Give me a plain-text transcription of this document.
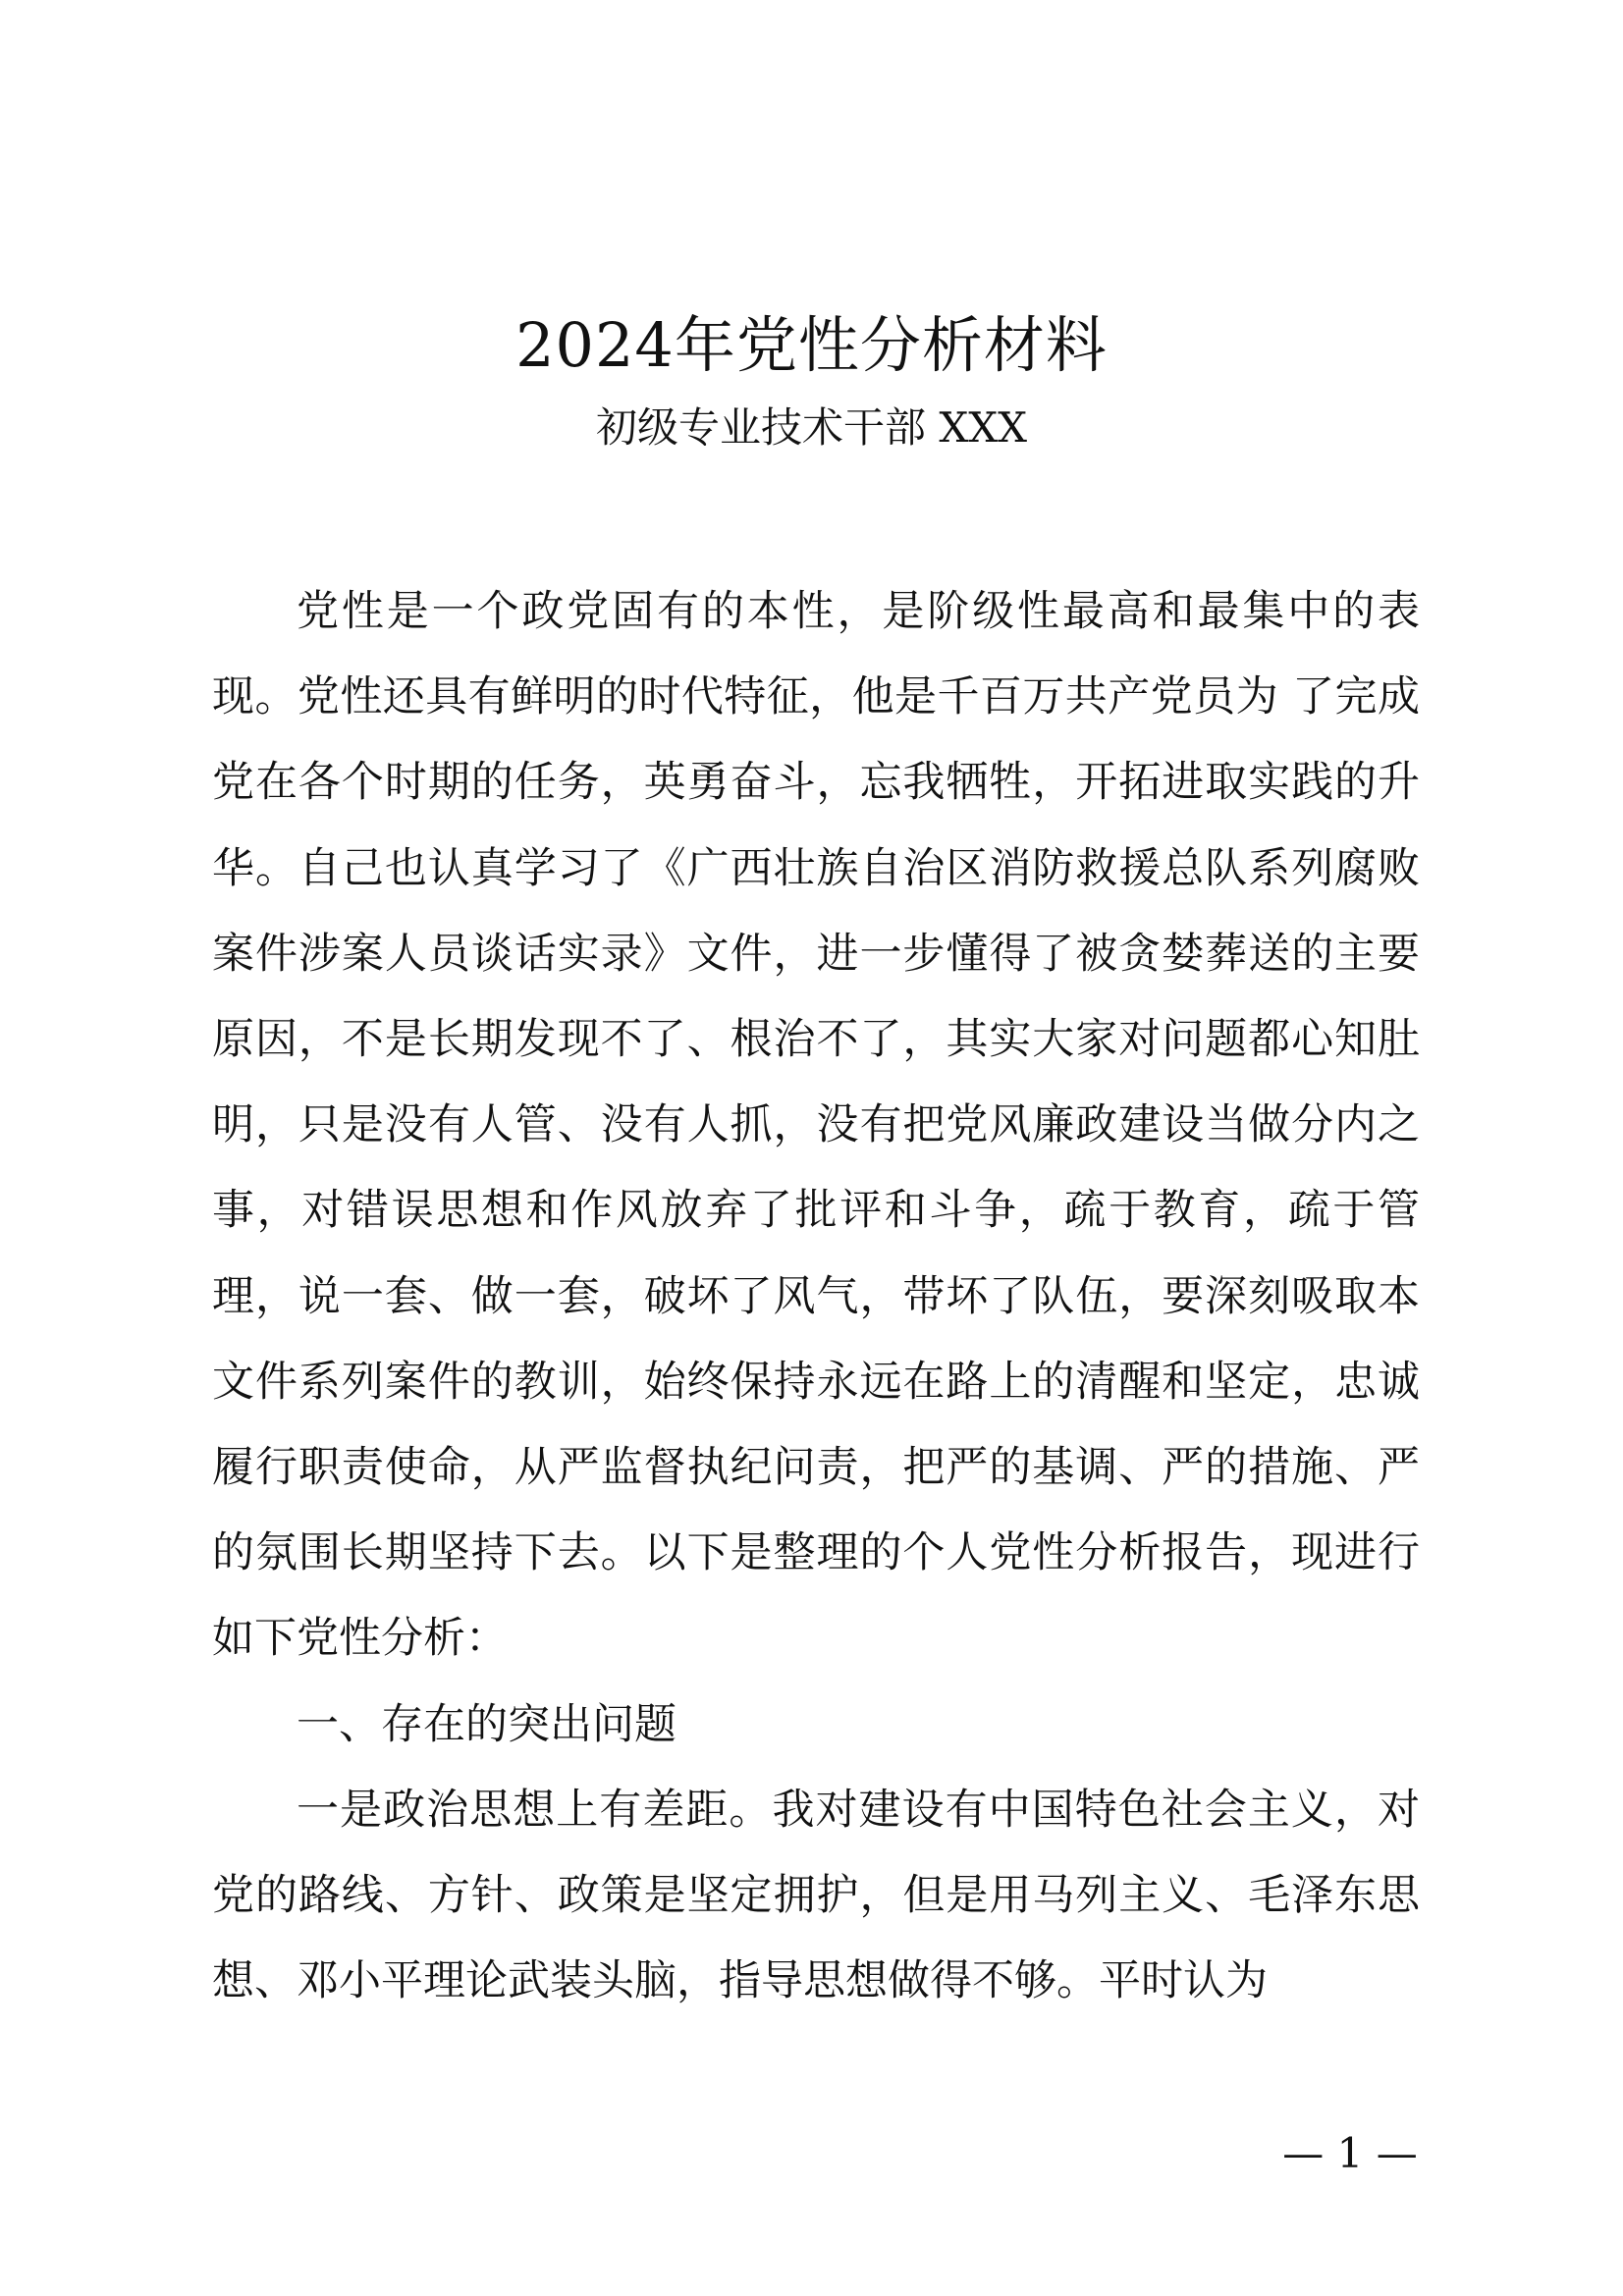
2024年党性分析材料
初级专业技术干部 XXX

党性是一个政党固有的本性，是阶级性最高和最集中的表现。党性还具有鲜明的时代特征，他是千百万共产党员为 了完成党在各个时期的任务，英勇奋斗，忘我牺牲，开拓进取实践的升华。自己也认真学习了《广西壮族自治区消防救援总队系列腐败案件涉案人员谈话实录》文件，进一步懂得了被贪婪葬送的主要原因，不是长期发现不了、根治不了，其实大家对问题都心知肚明，只是没有人管、没有人抓，没有把党风廉政建设当做分内之事，对错误思想和作风放弃了批评和斗争，疏于教育，疏于管理，说一套、做一套，破坏了风气，带坏了队伍，要深刻吸取本文件系列案件的教训，始终保持永远在路上的清醒和坚定，忠诚履行职责使命，从严监督执纪问责，把严的基调、严的措施、严的氛围长期坚持下去。以下是整理的个人党性分析报告，现进行如下党性分析：

一、存在的突出问题

一是政治思想上有差距。我对建设有中国特色社会主义，对党的路线、方针、政策是坚定拥护，但是用马列主义、毛泽东思想、邓小平理论武装头脑，指导思想做得不够。平时认为

— 1 —
